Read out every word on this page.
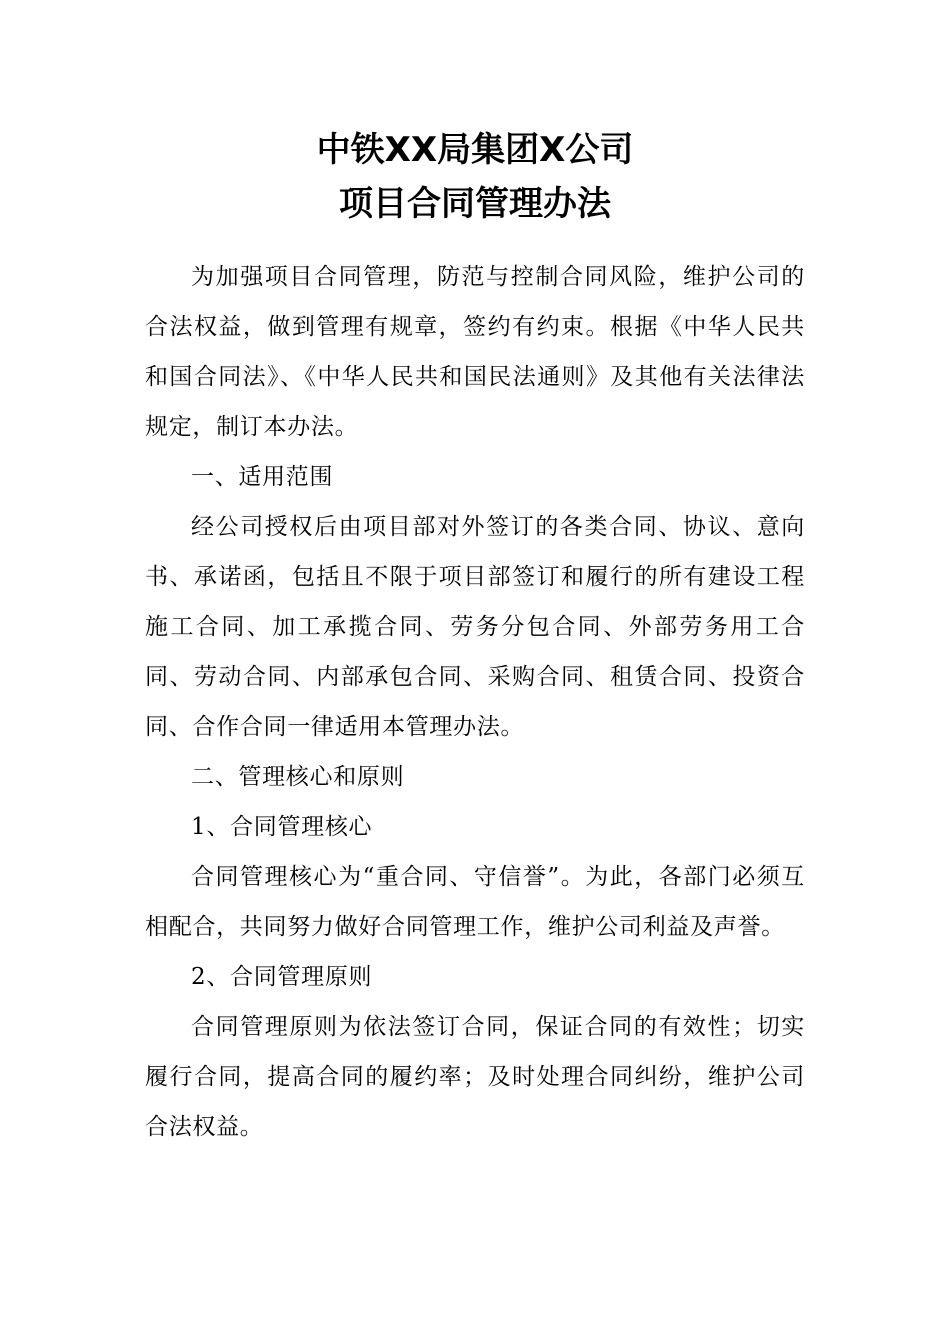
中铁XX局集团X公司
项目合同管理办法

为加强项目合同管理，防范与控制合同风险，维护公司的合法权益，做到管理有规章，签约有约束。根据《中华人民共和国合同法》、《中华人民共和国民法通则》及其他有关法律法规定，制订本办法。

一、适用范围

经公司授权后由项目部对外签订的各类合同、协议、意向书、承诺函，包括且不限于项目部签订和履行的所有建设工程施工合同、加工承揽合同、劳务分包合同、外部劳务用工合同、劳动合同、内部承包合同、采购合同、租赁合同、投资合同、合作合同一律适用本管理办法。

二、管理核心和原则

1、合同管理核心

合同管理核心为“重合同、守信誉”。为此，各部门必须互相配合，共同努力做好合同管理工作，维护公司利益及声誉。

2、合同管理原则

合同管理原则为依法签订合同，保证合同的有效性；切实履行合同，提高合同的履约率；及时处理合同纠纷，维护公司合法权益。
